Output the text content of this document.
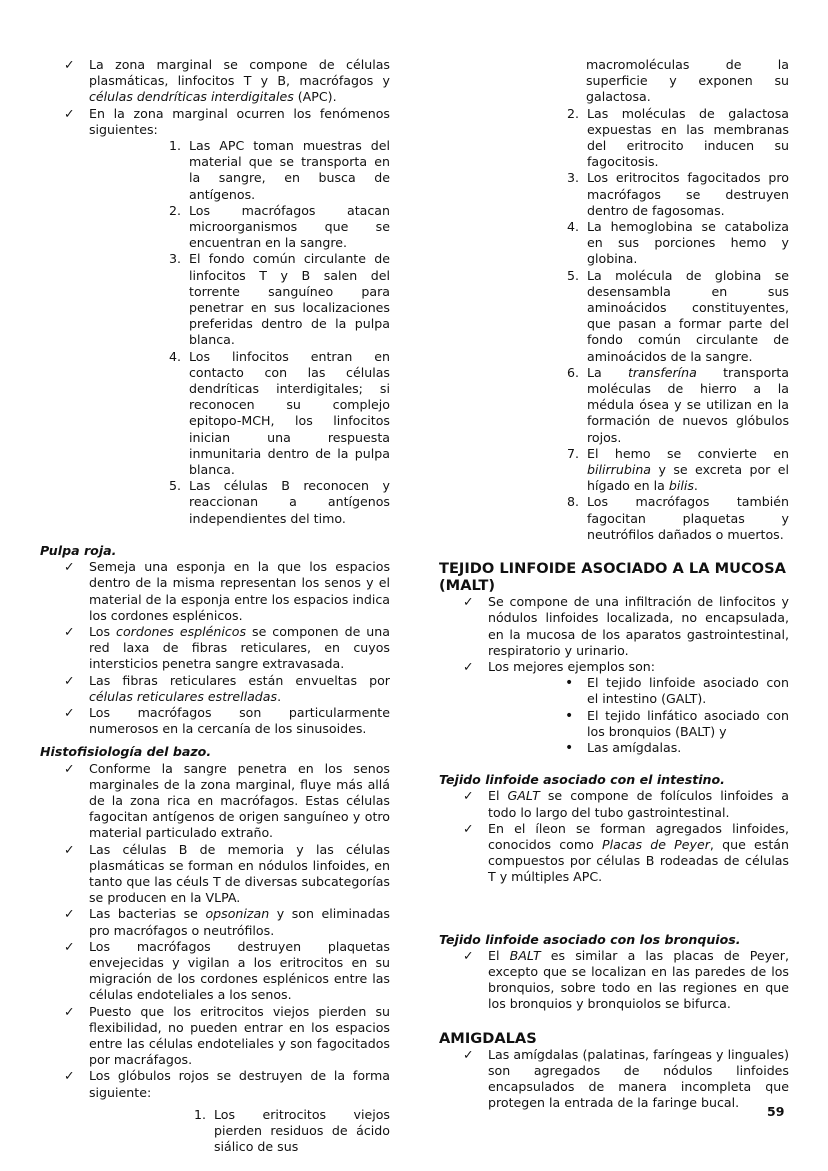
✓ La zona marginal se compone de células plasmáticas, linfocitos T y B, macrófagos y células dendríticas interdigitales (APC).
✓ En la zona marginal ocurren los fenómenos siguientes:
1. Las APC toman muestras del material que se transporta en la sangre, en busca de antígenos.
2. Los macrófagos atacan microorganismos que se encuentran en la sangre.
3. El fondo común circulante de linfocitos T y B salen del torrente sanguíneo para penetrar en sus localizaciones preferidas dentro de la pulpa blanca.
4. Los linfocitos entran en contacto con las células dendríticas interdigitales; si reconocen su complejo epitopo-MCH, los linfocitos inician una respuesta inmunitaria dentro de la pulpa blanca.
5. Las células B reconocen y reaccionan a antígenos independientes del timo.

Pulpa roja.

✓ Semeja una esponja en la que los espacios dentro de la misma representan los senos y el material de la esponja entre los espacios indica los cordones esplénicos.
✓ Los cordones esplénicos se componen de una red laxa de fibras reticulares, en cuyos intersticios penetra sangre extravasada.
✓ Las fibras reticulares están envueltas por células reticulares estrelladas.
✓ Los macrófagos son particularmente numerosos en la cercanía de los sinusoides.

Histofisiología del bazo.

✓ Conforme la sangre penetra en los senos marginales de la zona marginal, fluye más allá de la zona rica en macrófagos. Estas células fagocitan antígenos de origen sanguíneo y otro material particulado extraño.
✓ Las células B de memoria y las células plasmáticas se forman en nódulos linfoides, en tanto que las céuls T de diversas subcategorías se producen en la VLPA.
✓ Las bacterias se opsonizan y son eliminadas pro macrófagos o neutrófilos.
✓ Los macrófagos destruyen plaquetas envejecidas y vigilan a los eritrocitos en su migración de los cordones esplénicos entre las células endoteliales a los senos.
✓ Puesto que los eritrocitos viejos pierden su flexibilidad, no pueden entrar en los espacios entre las células endoteliales y son fagocitados por macráfagos.
✓ Los glóbulos rojos se destruyen de la forma siguiente:
1. Los eritrocitos viejos pierden residuos de ácido siálico de sus
macromoléculas de la superficie y exponen su galactosa.
2. Las moléculas de galactosa expuestas en las membranas del eritrocito inducen su fagocitosis.
3. Los eritrocitos fagocitados pro macrófagos se destruyen dentro de fagosomas.
4. La hemoglobina se cataboliza en sus porciones hemo y globina.
5. La molécula de globina se desensambla en sus aminoácidos constituyentes, que pasan a formar parte del fondo común circulante de aminoácidos de la sangre.
6. La transferína transporta moléculas de hierro a la médula ósea y se utilizan en la formación de nuevos glóbulos rojos.
7. El hemo se convierte en bilirrubina y se excreta por el hígado en la bilis.
8. Los macrófagos también fagocitan plaquetas y neutrófilos dañados o muertos.

TEJIDO LINFOIDE ASOCIADO A LA MUCOSA (MALT)

✓ Se compone de una infiltración de linfocitos y nódulos linfoides localizada, no encapsulada, en la mucosa de los aparatos gastrointestinal, respiratorio y urinario.
✓ Los mejores ejemplos son:
• El tejido linfoide asociado con el intestino (GALT).
• El tejido linfático asociado con los bronquios (BALT) y
• Las amígdalas.

Tejido linfoide asociado con el intestino.

✓ El GALT se compone de folículos linfoides a todo lo largo del tubo gastrointestinal.
✓ En el íleon se forman agregados linfoides, conocidos como Placas de Peyer, que están compuestos por células B rodeadas de células T y múltiples APC.

Tejido linfoide asociado con los bronquios.

✓ El BALT es similar a las placas de Peyer, excepto que se localizan en las paredes de los bronquios, sobre todo en las regiones en que los bronquios y bronquiolos se bifurca.

AMIGDALAS

✓ Las amígdalas (palatinas, faríngeas y linguales) son agregados de nódulos linfoides encapsulados de manera incompleta que protegen la entrada de la faringe bucal.
59
